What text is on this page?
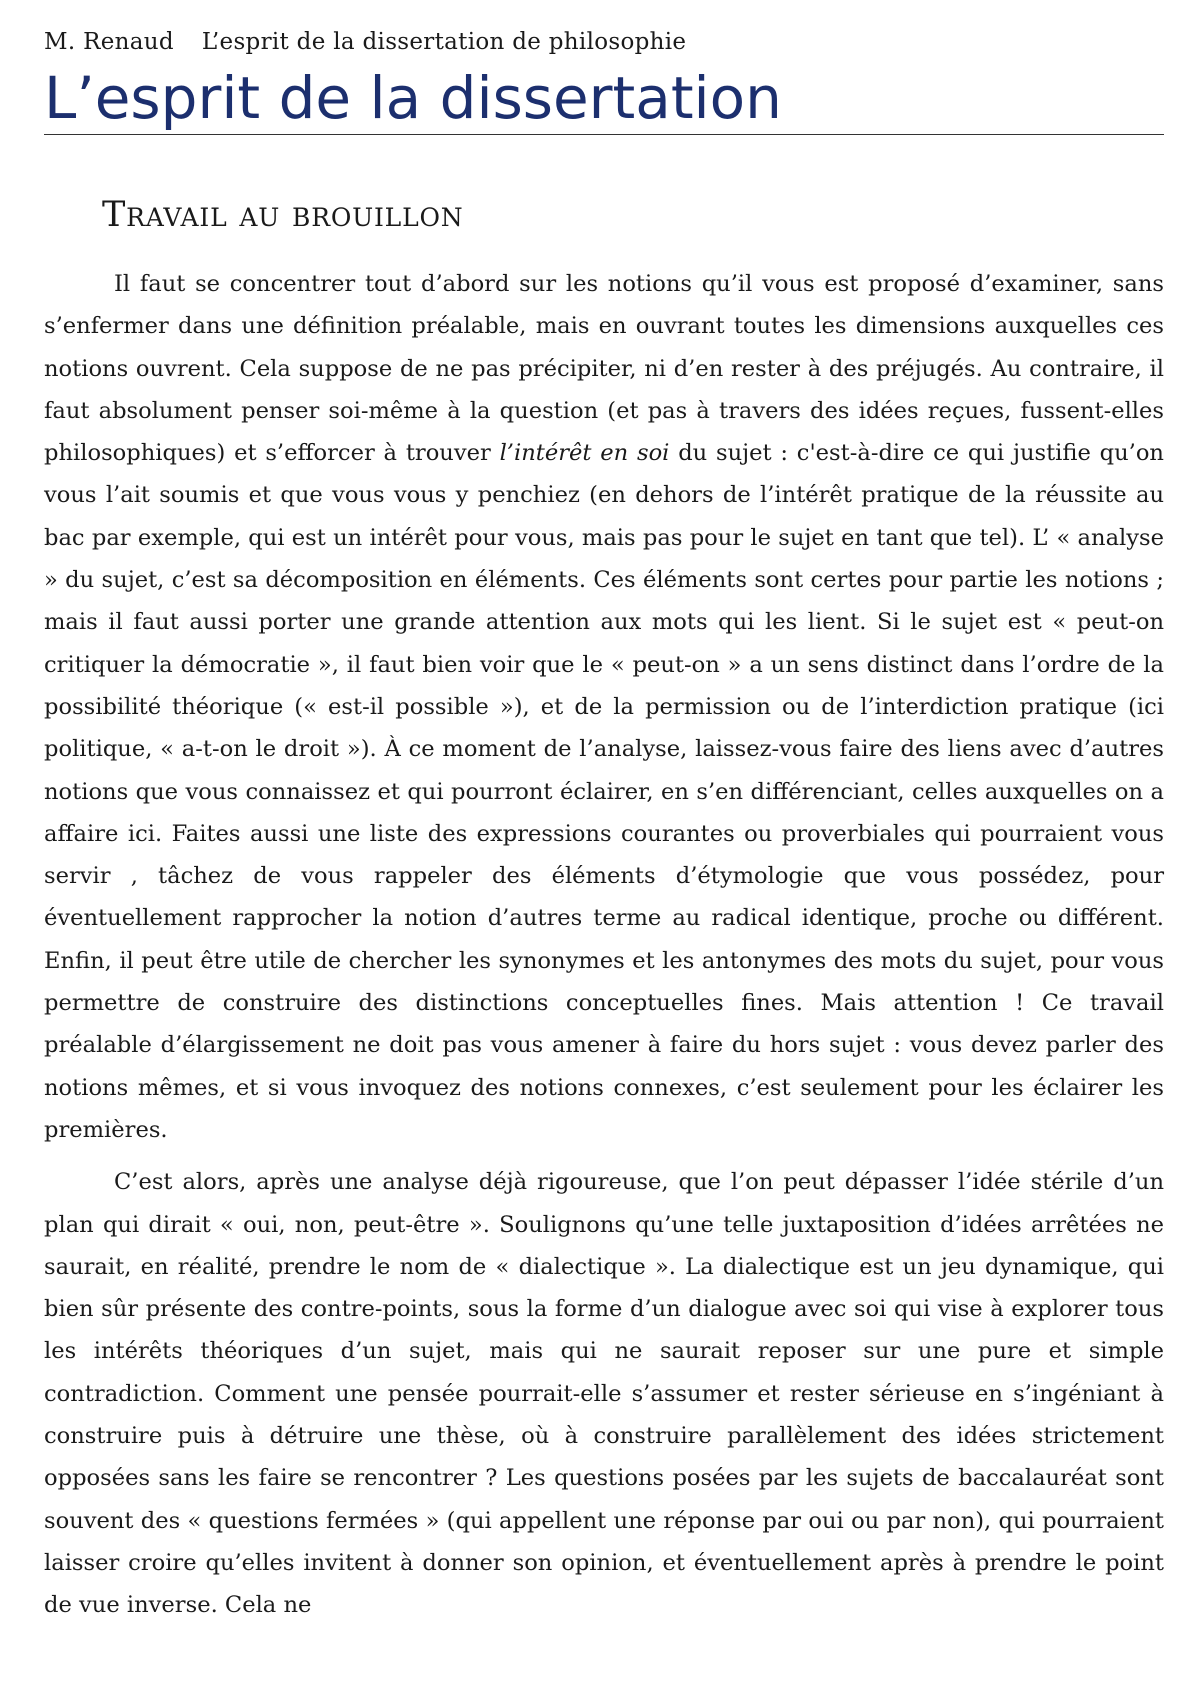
M. Renaud L’esprit de la dissertation de philosophie
L’esprit de la dissertation
Travail au brouillon

Il faut se concentrer tout d’abord sur les notions qu’il vous est proposé d’examiner, sans s’enfermer dans une définition préalable, mais en ouvrant toutes les dimensions auxquelles ces notions ouvrent. Cela suppose de ne pas précipiter, ni d’en rester à des préjugés. Au contraire, il faut absolument penser soi-même à la question (et pas à travers des idées reçues, fussent-elles philosophiques) et s’efforcer à trouver l’intérêt en soi du sujet : c'est-à-dire ce qui justifie qu’on vous l’ait soumis et que vous vous y penchiez (en dehors de l’intérêt pratique de la réussite au bac par exemple, qui est un intérêt pour vous, mais pas pour le sujet en tant que tel). L’ « analyse » du sujet, c’est sa décomposition en éléments. Ces éléments sont certes pour partie les notions ; mais il faut aussi porter une grande attention aux mots qui les lient. Si le sujet est « peut-on critiquer la démocratie », il faut bien voir que le « peut-on » a un sens distinct dans l’ordre de la possibilité théorique (« est-il possible »), et de la permission ou de l’interdiction pratique (ici politique, « a-t-on le droit »). À ce moment de l’analyse, laissez-vous faire des liens avec d’autres notions que vous connaissez et qui pourront éclairer, en s’en différenciant, celles auxquelles on a affaire ici. Faites aussi une liste des expressions courantes ou proverbiales qui pourraient vous servir , tâchez de vous rappeler des éléments d’étymologie que vous possédez, pour éventuellement rapprocher la notion d’autres terme au radical identique, proche ou différent. Enfin, il peut être utile de chercher les synonymes et les antonymes des mots du sujet, pour vous permettre de construire des distinctions conceptuelles fines. Mais attention ! Ce travail préalable d’élargissement ne doit pas vous amener à faire du hors sujet : vous devez parler des notions mêmes, et si vous invoquez des notions connexes, c’est seulement pour les éclairer les premières.

C’est alors, après une analyse déjà rigoureuse, que l’on peut dépasser l’idée stérile d’un plan qui dirait « oui, non, peut-être ». Soulignons qu’une telle juxtaposition d’idées arrêtées ne saurait, en réalité, prendre le nom de « dialectique ». La dialectique est un jeu dynamique, qui bien sûr présente des contre-points, sous la forme d’un dialogue avec soi qui vise à explorer tous les intérêts théoriques d’un sujet, mais qui ne saurait reposer sur une pure et simple contradiction. Comment une pensée pourrait-elle s’assumer et rester sérieuse en s’ingéniant à construire puis à détruire une thèse, où à construire parallèlement des idées strictement opposées sans les faire se rencontrer ? Les questions posées par les sujets de baccalauréat sont souvent des « questions fermées » (qui appellent une réponse par oui ou par non), qui pourraient laisser croire qu’elles invitent à donner son opinion, et éventuellement après à prendre le point de vue inverse. Cela ne
